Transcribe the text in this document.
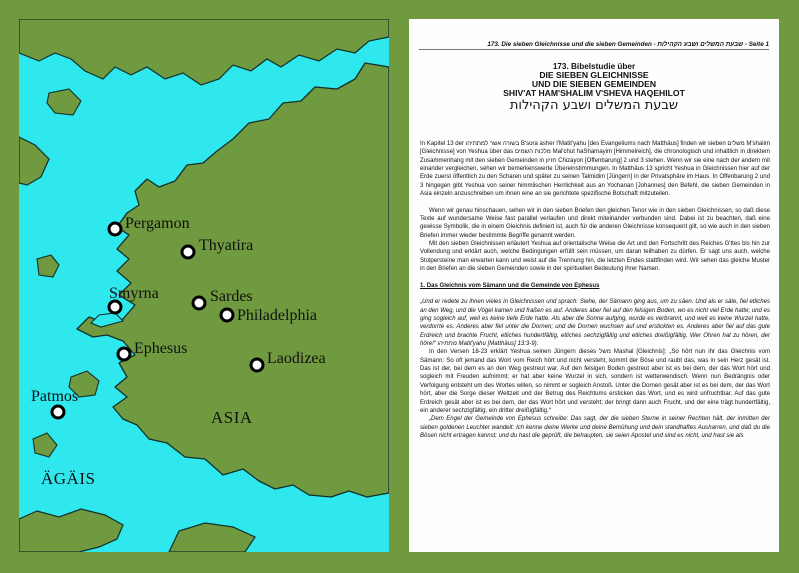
Pergamon
Thyatira
Smyrna	Sardes
Philadelphia
Ephesus
Laodizea
Patmos
ASIA
ÄGÄIS
173. Die sieben Gleichnisse und die sieben Gemeinden - שבעת המשלים ושבע הקהילות - Seite 1
173. Bibelstudie über
DIE SIEBEN GLEICHNISSE
UND DIE SIEBEN GEMEINDEN
SHIV'AT HAM'SHALIM V'SHEVA HAQEHILOT
שבעת המשלים ושבע הקהילות

In Kapitel 13 der בשורה אשר למתתיהו B'sora asher l'Matit'yahu [des Evangeliums nach Matthäus] finden wir sieben משלים M'shalim [Gleichnisse] von Yeshua über das מלכות השמים Mal'chut haShamayim [Himmelreich], die chronologisch und inhaltlich in direktem Zusammenhang mit den sieben Gemeinden in חזיון Chizayon [Offenbarung] 2 und 3 stehen. Wenn wir sie eine nach der andern mit einander vergleichen, sehen wir bemerkenswerte Übereinstimmungen. In Matthäus 13 spricht Yeshua in Gleichnissen hier auf der Erde zuerst öffentlich zu den Scharen und später zu seinen Talmidim [Jüngern] in der Privatsphäre im Haus. In Offenbarung 2 und 3 hingegen gibt Yeshua von seiner himmlischen Herrlichkeit aus an Yochanan [Johannes] den Befehl, die sieben Gemeinden in Asia einzeln anzuschreiben um ihnen eine an sie gerichtete spezifische Botschaft mitzuteilen.

Wenn wir genau hinschauen, sehen wir in den sieben Briefen den gleichen Tenor wie in den sieben Gleichnissen, so daß diese Texte auf wundersame Weise fast parallel verlaufen und direkt miteinander verbunden sind. Dabei ist zu beachten, daß eine gewisse Symbolik, die in einem Gleichnis definiert ist, auch für die anderen Gleichnisse konsequent gilt, so wie auch in den sieben Briefen immer wieder bestimmte Begriffe genannt werden.

Mit den sieben Gleichnissen erläutert Yeshua auf orientalische Weise die Art und den Fortschritt des Reiches G'ttes bis hin zur Vollendung und erklärt auch, welche Bedingungen erfüllt sein müssen, um daran teilhaben zu dürfen. Er sagt uns auch, welche Stolpersteine man erwarten kann und weist auf die Trennung hin, die letzten Endes stattfinden wird. Wir sehen das gleiche Muster in den Briefen an die sieben Gemeinden sowie in der spirituellen Bedeutung ihrer Namen.

1. Das Gleichnis vom Sämann und die Gemeinde von Ephesus

„Und er redete zu ihnen vieles in Gleichnissen und sprach: Siehe, der Sämann ging aus, um zu säen. Und als er säte, fiel etliches an den Weg, und die Vögel kamen und fraßen es auf. Anderes aber fiel auf den felsigen Boden, wo es nicht viel Erde hatte; und es ging sogleich auf, weil es keine tiefe Erde hatte. Als aber die Sonne aufging, wurde es verbrannt, und weil es keine Wurzel hatte, verdorrte es. Anderes aber fiel unter die Dornen; und die Dornen wuchsen auf und erstickten es. Anderes aber fiel auf das gute Erdreich und brachte Frucht, etliches hundertfältig, etliches sechzigfältig und etliches dreißigfältig. Wer Ohren hat zu hören, der höre!“ מתתיהו Matit'yahu [Matthäus] 13:3-9).

In den Versen 18-23 erklärt Yeshua seinen Jüngern dieses משל Mashal [Gleichnis]: „So hört nun ihr das Gleichnis vom Sämann: So oft jemand das Wort vom Reich hört und nicht versteht, kommt der Böse und raubt das, was in sein Herz gesät ist. Das ist der, bei dem es an den Weg gestreut war. Auf den felsigen Boden gestreut aber ist es bei dem, der das Wort hört und sogleich mit Freuden aufnimmt; er hat aber keine Wurzel in sich, sondern ist wetterwendisch. Wenn nun Bedrängnis oder Verfolgung entsteht um des Wortes willen, so nimmt er sogleich Anstoß. Unter die Dornen gesät aber ist es bei dem, der das Wort hört, aber die Sorge dieser Weltzeit und der Betrug des Reichtums ersticken das Wort, und es wird unfruchtbar. Auf das gute Erdreich gesät aber ist es bei dem, der das Wort hört und versteht; der bringt dann auch Frucht, und der eine trägt hundertfältig, ein anderer sechzigfältig, ein dritter dreißigfältig.“

„Dem Engel der Gemeinde von Ephesus schreibe: Das sagt, der die sieben Sterne in seiner Rechten hält, der inmitten der sieben goldenen Leuchter wandelt: Ich kenne deine Werke und deine Bemühung und dein standhaftes Ausharren, und daß du die Bösen nicht ertragen kannst; und du hast die geprüft, die behaupten, sie seien Apostel und sind es nicht, und hast sie als
